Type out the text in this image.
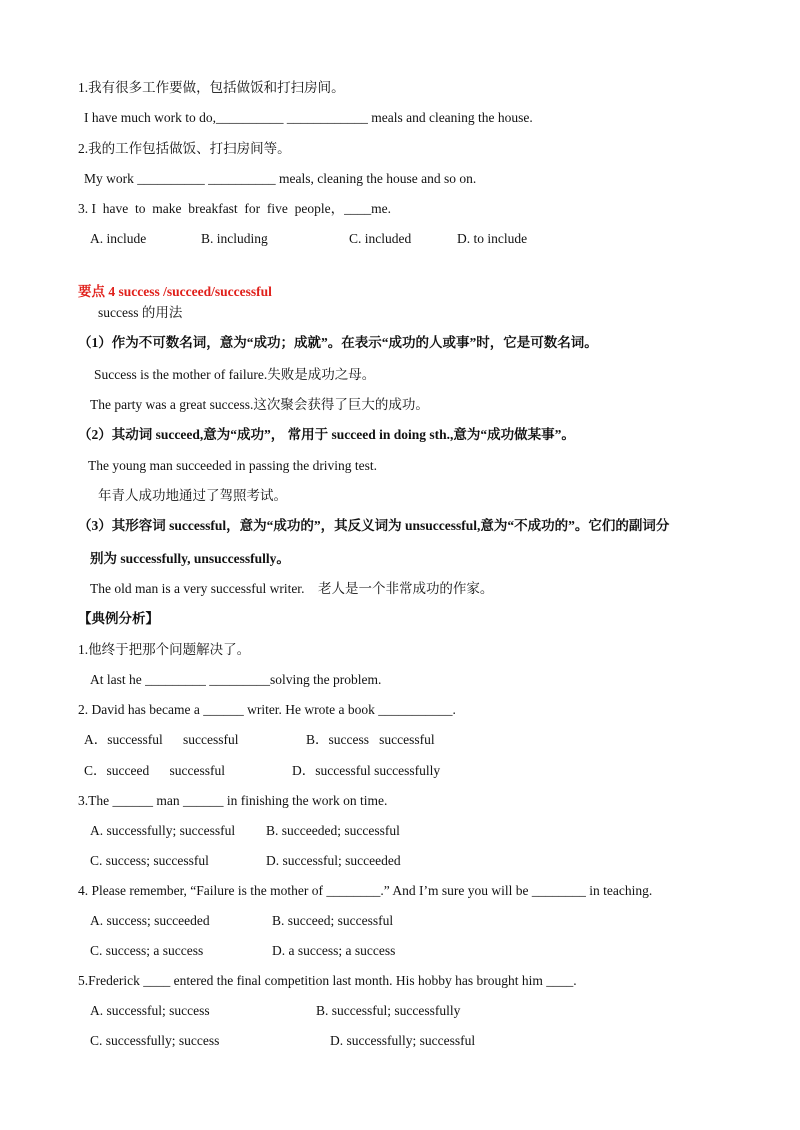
1.我有很多工作要做，包括做饭和打扫房间。
I have much work to do,__________ ____________ meals and cleaning the house.
2.我的工作包括做饭、打扫房间等。
My work __________ __________ meals, cleaning the house and so on.
3. I  have  to  make  breakfast  for  five  people，____me.
A. include	B. including	C. included	D. to include
要点 4 success /succeed/successful
success 的用法
（1）作为不可数名词，意为“成功；成就”。在表示“成功的人或事”时，它是可数名词。
Success is the mother of failure.失败是成功之母。
The party was a great success.这次聚会获得了巨大的成功。
（2）其动词 succeed,意为“成功”， 常用于 succeed in doing sth.,意为“成功做某事”。
The young man succeeded in passing the driving test.
年青人成功地通过了驾照考试。
（3）其形容词 successful，意为“成功的”，其反义词为 unsuccessful,意为“不成功的”。它们的副词分
别为 successfully, unsuccessfully。
The old man is a very successful writer.    老人是一个非常成功的作家。
【典例分析】
1.他终于把那个问题解决了。
At last he _________ _________solving the problem.
2. David has became a ______ writer. He wrote a book ___________.
A．successful      successful	B．success   successful
C．succeed      successful	D．successful successfully
3.The ______ man ______ in finishing the work on time.
A. successfully; successful B. succeeded; successful
C. success; successful	D. successful; succeeded
4. Please remember, “Failure is the mother of ________.” And I’m sure you will be ________ in teaching.
A. success; succeeded	B. succeed; successful
C. success; a success	D. a success; a success
5.Frederick ____ entered the final competition last month. His hobby has brought him ____.
A. successful; success	B. successful; successfully
C. successfully; success	D. successfully; successful
